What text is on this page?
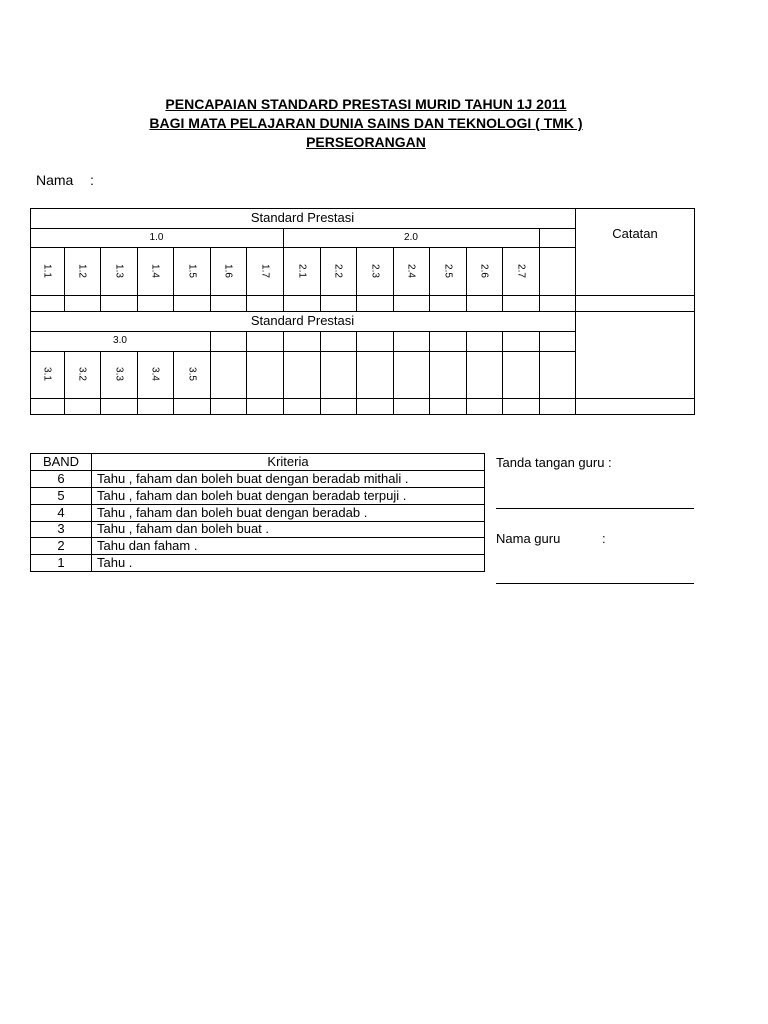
PENCAPAIAN STANDARD PRESTASI MURID TAHUN 1J 2011
BAGI MATA PELAJARAN DUNIA SAINS DAN TEKNOLOGI ( TMK )
PERSEORANGAN
Nama :
Standard Prestasi
Catatan
1.0	2.0
Standard Prestasi
3.0
1.1 1.2	1.3	1.4	1.5	1.6	1.7	2.1	2.2	2.3	2.4	2.5	2.6	2.7
3.1 3.2	3.3	3.4	3.5
BAND	Kriteria
6	Tahu , faham dan boleh buat dengan beradab mithali .
5	Tahu , faham dan boleh buat dengan beradab terpuji .
4	Tahu , faham dan boleh buat dengan beradab .
3	Tahu , faham dan boleh buat .
2	Tahu dan faham .
1	Tahu .
Tanda tangan guru :
Nama guru	:
